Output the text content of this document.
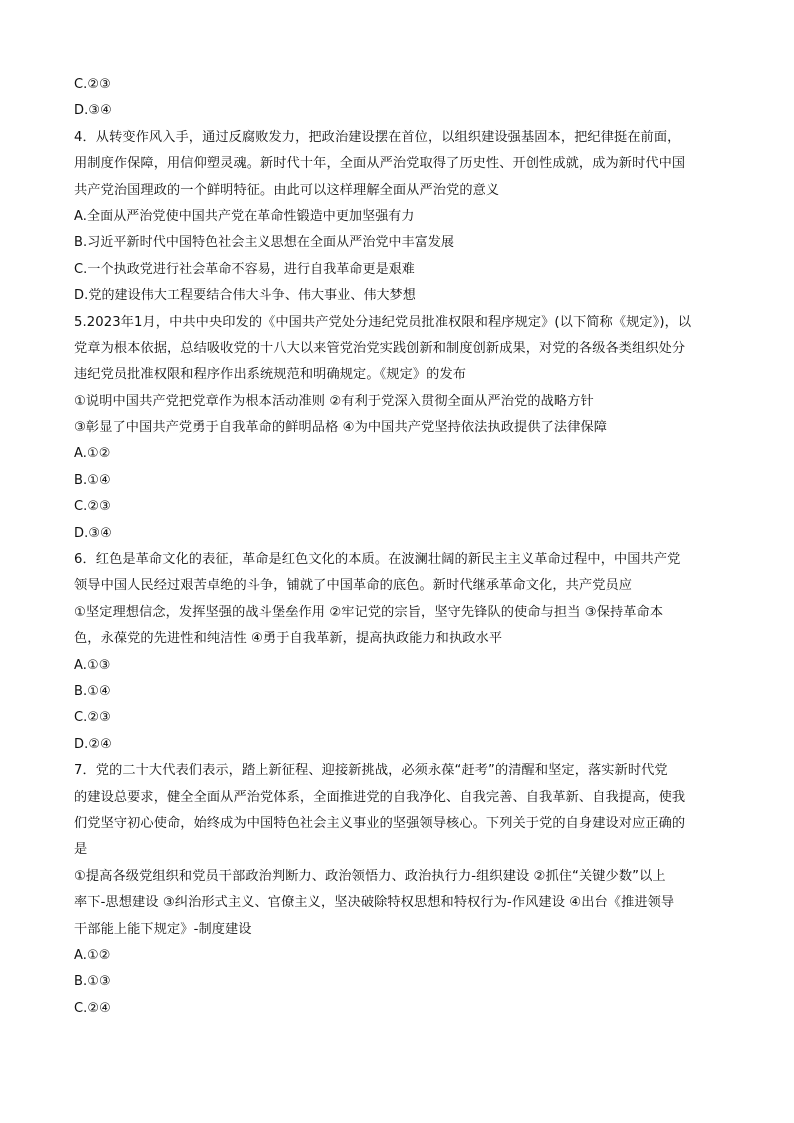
C.②③
D.③④
4．从转变作风入手，通过反腐败发力，把政治建设摆在首位，以组织建设强基固本，把纪律挺在前面，
用制度作保障，用信仰塑灵魂。新时代十年，全面从严治党取得了历史性、开创性成就，成为新时代中国
共产党治国理政的一个鲜明特征。由此可以这样理解全面从严治党的意义
A.全面从严治党使中国共产党在革命性锻造中更加坚强有力
B.习近平新时代中国特色社会主义思想在全面从严治党中丰富发展
C.一个执政党进行社会革命不容易，进行自我革命更是艰难
D.党的建设伟大工程要结合伟大斗争、伟大事业、伟大梦想
5.2023年1月，中共中央印发的《中国共产党处分违纪党员批准权限和程序规定》(以下简称《规定》)，以
党章为根本依据，总结吸收党的十八大以来管党治党实践创新和制度创新成果，对党的各级各类组织处分
违纪党员批准权限和程序作出系统规范和明确规定。《规定》的发布
①说明中国共产党把党章作为根本活动准则 ②有利于党深入贯彻全面从严治党的战略方针
③彰显了中国共产党勇于自我革命的鲜明品格 ④为中国共产党坚持依法执政提供了法律保障
A.①②
B.①④
C.②③
D.③④
6．红色是革命文化的表征，革命是红色文化的本质。在波澜壮阔的新民主主义革命过程中，中国共产党
领导中国人民经过艰苦卓绝的斗争，铺就了中国革命的底色。新时代继承革命文化，共产党员应
①坚定理想信念，发挥坚强的战斗堡垒作用 ②牢记党的宗旨，坚守先锋队的使命与担当 ③保持革命本
色，永葆党的先进性和纯洁性 ④勇于自我革新，提高执政能力和执政水平
A.①③
B.①④
C.②③
D.②④
7．党的二十大代表们表示，踏上新征程、迎接新挑战，必须永葆“赶考”的清醒和坚定，落实新时代党
的建设总要求，健全全面从严治党体系，全面推进党的自我净化、自我完善、自我革新、自我提高，使我
们党坚守初心使命，始终成为中国特色社会主义事业的坚强领导核心。下列关于党的自身建设对应正确的
是
①提高各级党组织和党员干部政治判断力、政治领悟力、政治执行力-组织建设 ②抓住“关键少数”以上
率下-思想建设 ③纠治形式主义、官僚主义，坚决破除特权思想和特权行为-作风建设 ④出台《推进领导
干部能上能下规定》-制度建设
A.①②
B.①③
C.②④
